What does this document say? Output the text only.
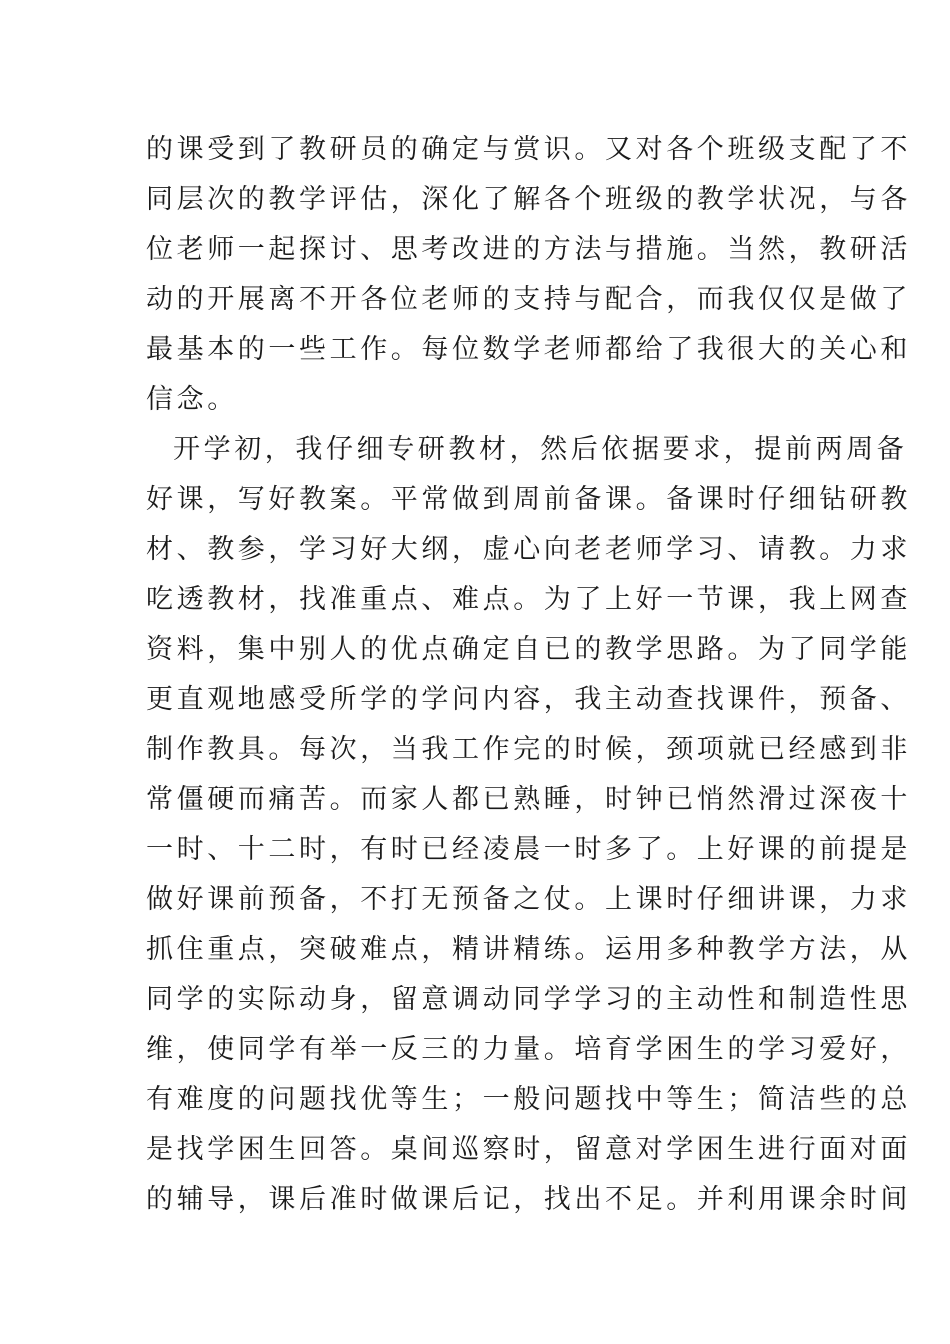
的课受到了教研员的确定与赏识。又对各个班级支配了不
同层次的教学评估，深化了解各个班级的教学状况，与各
位老师一起探讨、思考改进的方法与措施。当然，教研活
动的开展离不开各位老师的支持与配合，而我仅仅是做了
最基本的一些工作。每位数学老师都给了我很大的关心和
信念。
开学初，我仔细专研教材，然后依据要求，提前两周备
好课，写好教案。平常做到周前备课。备课时仔细钻研教
材、教参，学习好大纲，虚心向老老师学习、请教。力求
吃透教材，找准重点、难点。为了上好一节课，我上网查
资料，集中别人的优点确定自已的教学思路。为了同学能
更直观地感受所学的学问内容，我主动查找课件，预备、
制作教具。每次，当我工作完的时候，颈项就已经感到非
常僵硬而痛苦。而家人都已熟睡，时钟已悄然滑过深夜十
一时、十二时，有时已经凌晨一时多了。上好课的前提是
做好课前预备，不打无预备之仗。上课时仔细讲课，力求
抓住重点，突破难点，精讲精练。运用多种教学方法，从
同学的实际动身，留意调动同学学习的主动性和制造性思
维，使同学有举一反三的力量。培育学困生的学习爱好，
有难度的问题找优等生；一般问题找中等生；简洁些的总
是找学困生回答。桌间巡察时，留意对学困生进行面对面
的辅导，课后准时做课后记，找出不足。并利用课余时间
